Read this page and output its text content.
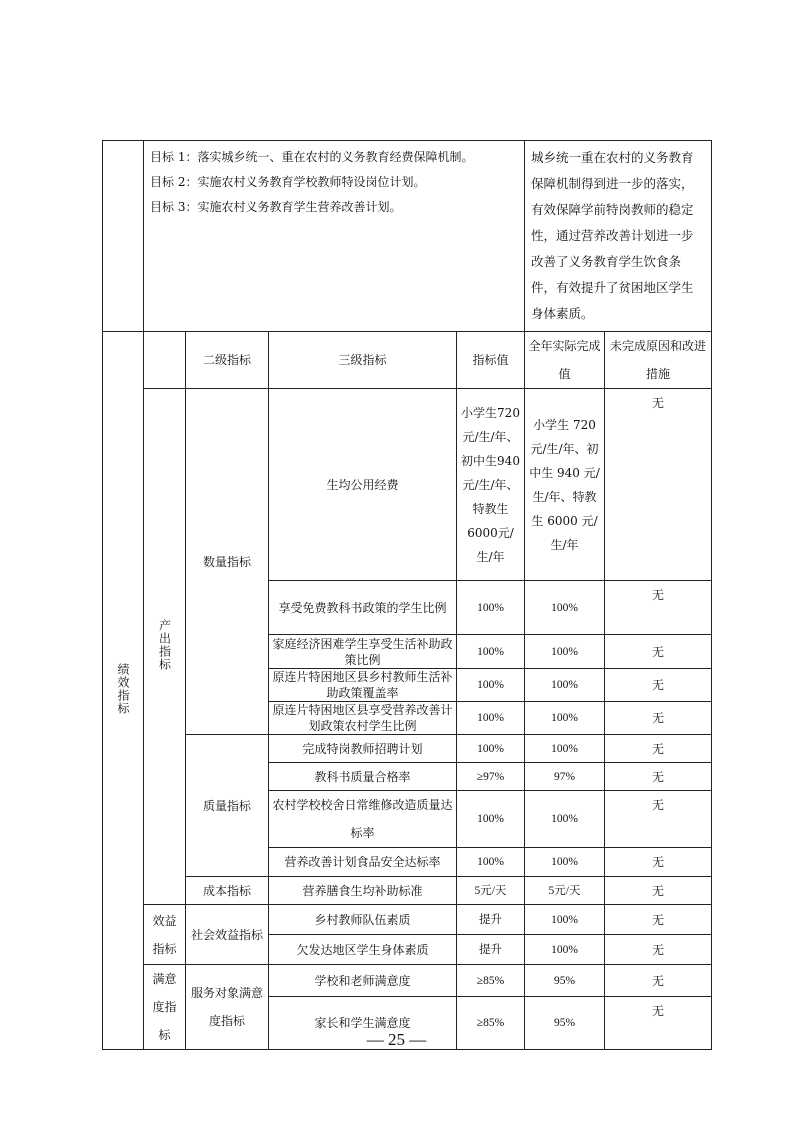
	目标 1：落实城乡统一、重在农村的义务教育经费保障机制。
目标 2：实施农村义务教育学校教师特设岗位计划。
目标 3：实施农村义务教育学生营养改善计划。				城乡统一重在农村的义务教育保障机制得到进一步的落实，有效保障学前特岗教师的稳定性，通过营养改善计划进一步改善了义务教育学生饮食条件，有效提升了贫困地区学生身体素质。	
绩效指标		二级指标	三级指标	指标值	全年实际完成值	未完成原因和改进措施
	产出指标	数量指标	生均公用经费	小学生720元/生/年、初中生940元/生/年、特教生6000元/生/年	小学生 720元/生/年、初中生 940 元/生/年、特教生 6000 元/生/年	无
			享受免费教科书政策的学生比例	100%	100%	无
			家庭经济困难学生享受生活补助政策比例	100%	100%	无
			原连片特困地区县乡村教师生活补助政策覆盖率	100%	100%	无
			原连片特困地区县享受营养改善计划政策农村学生比例	100%	100%	无
		质量指标	完成特岗教师招聘计划	100%	100%	无
			教科书质量合格率	≥97%	97%	无
			农村学校校舍日常维修改造质量达标率	100%	100%	无
			营养改善计划食品安全达标率	100%	100%	无
		成本指标	营养膳食生均补助标准	5元/天	5元/天	无
	效益指标	社会效益指标	乡村教师队伍素质	提升	100%	无
			欠发达地区学生身体素质	提升	100%	无
	满意度指标	服务对象满意度指标	学校和老师满意度	≥85%	95%	无
			家长和学生满意度	≥85%	95%	无
— 25 —
